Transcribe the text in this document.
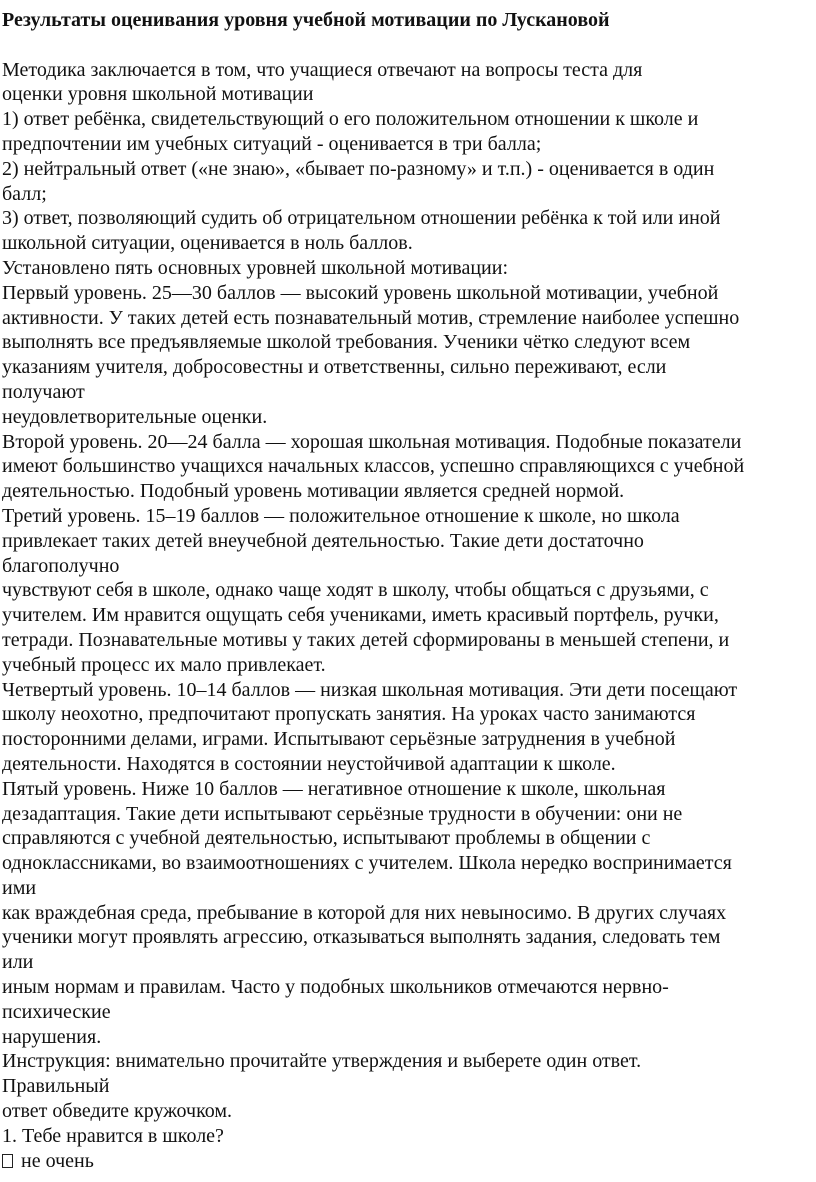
Результаты оценивания уровня учебной мотивации по Лускановой

Методика заключается в том, что учащиеся отвечают на вопросы теста для

оценки уровня школьной мотивации

1) ответ ребёнка, свидетельствующий о его положительном отношении к школе и

предпочтении им учебных ситуаций - оценивается в три балла;

2) нейтральный ответ («не знаю», «бывает по-разному» и т.п.) - оценивается в один

балл;

3) ответ, позволяющий судить об отрицательном отношении ребёнка к той или иной

школьной ситуации, оценивается в ноль баллов.

Установлено пять основных уровней школьной мотивации:

Первый уровень. 25—30 баллов — высокий уровень школьной мотивации, учебной

активности. У таких детей есть познавательный мотив, стремление наиболее успешно

выполнять все предъявляемые школой требования. Ученики чётко следуют всем

указаниям учителя, добросовестны и ответственны, сильно переживают, если

получают

неудовлетворительные оценки.

Второй уровень. 20—24 балла — хорошая школьная мотивация. Подобные показатели

имеют большинство учащихся начальных классов, успешно справляющихся с учебной

деятельностью. Подобный уровень мотивации является средней нормой.

Третий уровень. 15–19 баллов — положительное отношение к школе, но школа

привлекает таких детей внеучебной деятельностью. Такие дети достаточно

благополучно

чувствуют себя в школе, однако чаще ходят в школу, чтобы общаться с друзьями, с

учителем. Им нравится ощущать себя учениками, иметь красивый портфель, ручки,

тетради. Познавательные мотивы у таких детей сформированы в меньшей степени, и

учебный процесс их мало привлекает.

Четвертый уровень. 10–14 баллов — низкая школьная мотивация. Эти дети посещают

школу неохотно, предпочитают пропускать занятия. На уроках часто занимаются

посторонними делами, играми. Испытывают серьёзные затруднения в учебной

деятельности. Находятся в состоянии неустойчивой адаптации к школе.

Пятый уровень. Ниже 10 баллов — негативное отношение к школе, школьная

дезадаптация. Такие дети испытывают серьёзные трудности в обучении: они не

справляются с учебной деятельностью, испытывают проблемы в общении с

одноклассниками, во взаимоотношениях с учителем. Школа нередко воспринимается

ими

как враждебная среда, пребывание в которой для них невыносимо. В других случаях

ученики могут проявлять агрессию, отказываться выполнять задания, следовать тем

или

иным нормам и правилам. Часто у подобных школьников отмечаются нервно-

психические

нарушения.

Инструкция: внимательно прочитайте утверждения и выберете один ответ.

Правильный

ответ обведите кружочком.

1. Тебе нравится в школе?

не очень
